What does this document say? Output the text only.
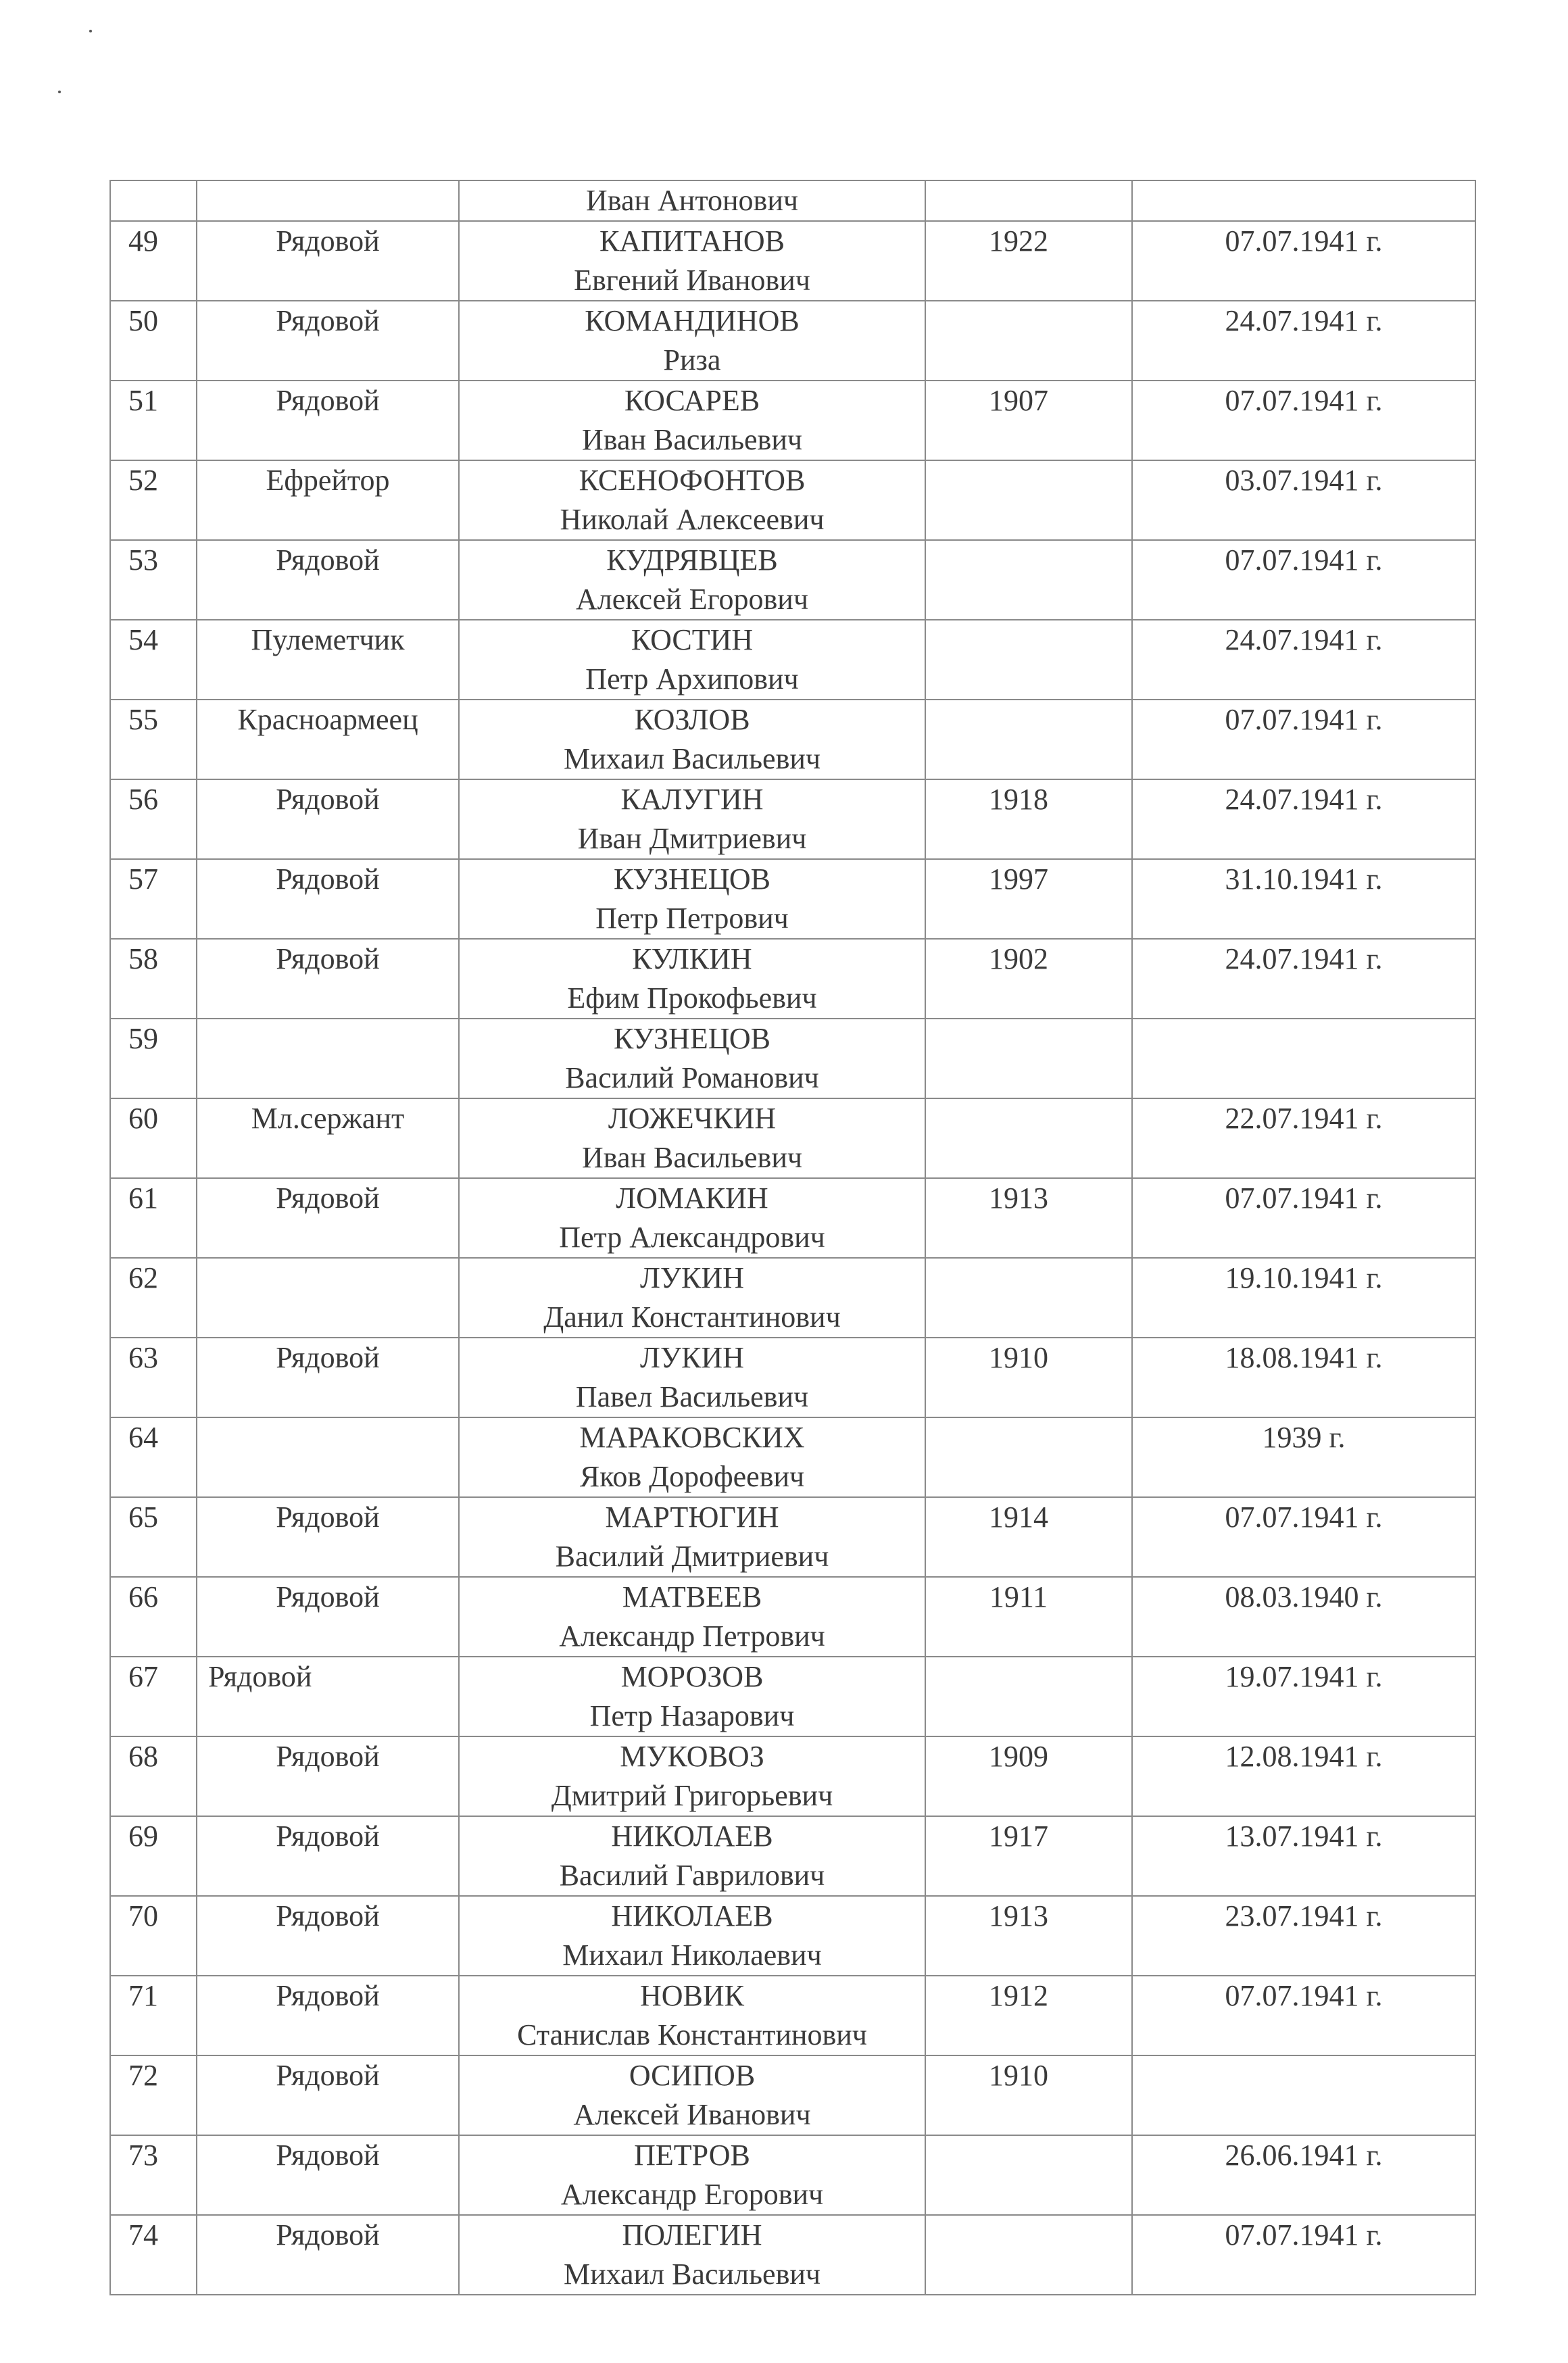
		Иван Антонович		

49	Рядовой	КАПИТАНОВ
Евгений Иванович	1922	07.07.1941 г.
50	Рядовой	КОМАНДИНОВ
Риза		24.07.1941 г.
51	Рядовой	КОСАРЕВ
Иван Васильевич	1907	07.07.1941 г.
52	Ефрейтор	КСЕНОФОНТОВ
Николай Алексеевич		03.07.1941 г.
53	Рядовой	КУДРЯВЦЕВ
Алексей Егорович		07.07.1941 г.
54	Пулеметчик	КОСТИН
Петр Архипович		24.07.1941 г.
55	Красноармеец	КОЗЛОВ
Михаил Васильевич		07.07.1941 г.
56	Рядовой	КАЛУГИН
Иван Дмитриевич	1918	24.07.1941 г.
57	Рядовой	КУЗНЕЦОВ
Петр Петрович	1997	31.10.1941 г.
58	Рядовой	КУЛКИН
Ефим Прокофьевич	1902	24.07.1941 г.
59		КУЗНЕЦОВ
Василий Романович		

60	Мл.сержант	ЛОЖЕЧКИН
Иван Васильевич		22.07.1941 г.
61	Рядовой	ЛОМАКИН
Петр Александрович	1913	07.07.1941 г.
62		ЛУКИН
Данил Константинович		19.10.1941 г.
63	Рядовой	ЛУКИН
Павел Васильевич	1910	18.08.1941 г.
64		МАРАКОВСКИХ
Яков Дорофеевич		1939 г.
65	Рядовой	МАРТЮГИН
Василий Дмитриевич	1914	07.07.1941 г.
66	Рядовой	МАТВЕЕВ
Александр Петрович	1911	08.03.1940 г.
67	Рядовой	МОРОЗОВ
Петр Назарович		19.07.1941 г.
68	Рядовой	МУКОВОЗ
Дмитрий Григорьевич	1909	12.08.1941 г.
69	Рядовой	НИКОЛАЕВ
Василий Гаврилович	1917	13.07.1941 г.
70	Рядовой	НИКОЛАЕВ
Михаил Николаевич	1913	23.07.1941 г.
71	Рядовой	НОВИК
Станислав Константинович	1912	07.07.1941 г.
72	Рядовой	ОСИПОВ
Алексей Иванович	1910	
73	Рядовой	ПЕТРОВ
Александр Егорович		26.06.1941 г.
74	Рядовой	ПОЛЕГИН
Михаил Васильевич		07.07.1941 г.
